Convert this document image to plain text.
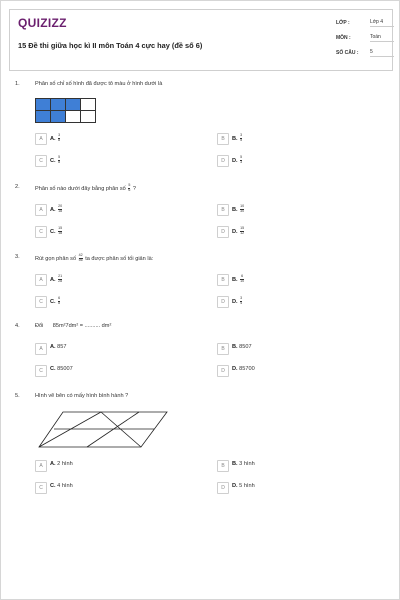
QUIZIZZ
15 Đề thi giữa học kì II môn Toán 4 cực hay (đề số 6)
LỚP :	Lớp 4
MÔN :	Toán
SỐ CÂU : 5
1.	Phân số chỉ số hình đã được tô màu ở hình dưới là
A	A. $\frac{3}{8}$	B	B. $\frac{3}{5}$
C	C. $\frac{5}{8}$	D	D. $\frac{5}{3}$
2.	Phân số nào dưới đây bằng phân số $\frac{5}{6}$ ?
A	A. $\frac{20}{18}$	B	B. $\frac{10}{30}$
C	C. $\frac{15}{18}$	D	D. $\frac{15}{12}$
3.	Rút gọn phân số $\frac{42}{56}$ ta được phân số tối giản là:
A	A. $\frac{21}{28}$	B	B. $\frac{6}{10}$
C	C. $\frac{6}{8}$	D	D. $\frac{3}{4}$
4.	Đổi      85m²7dm² = .......... dm²
A	A. 857	B	B. 8507
C	C. 85007	D	D. 85700
5.	Hình vẽ bên có mấy hình bình hành ?
A	A. 2 hình	B	B. 3 hình
C	C. 4 hình	D	D. 5 hình
